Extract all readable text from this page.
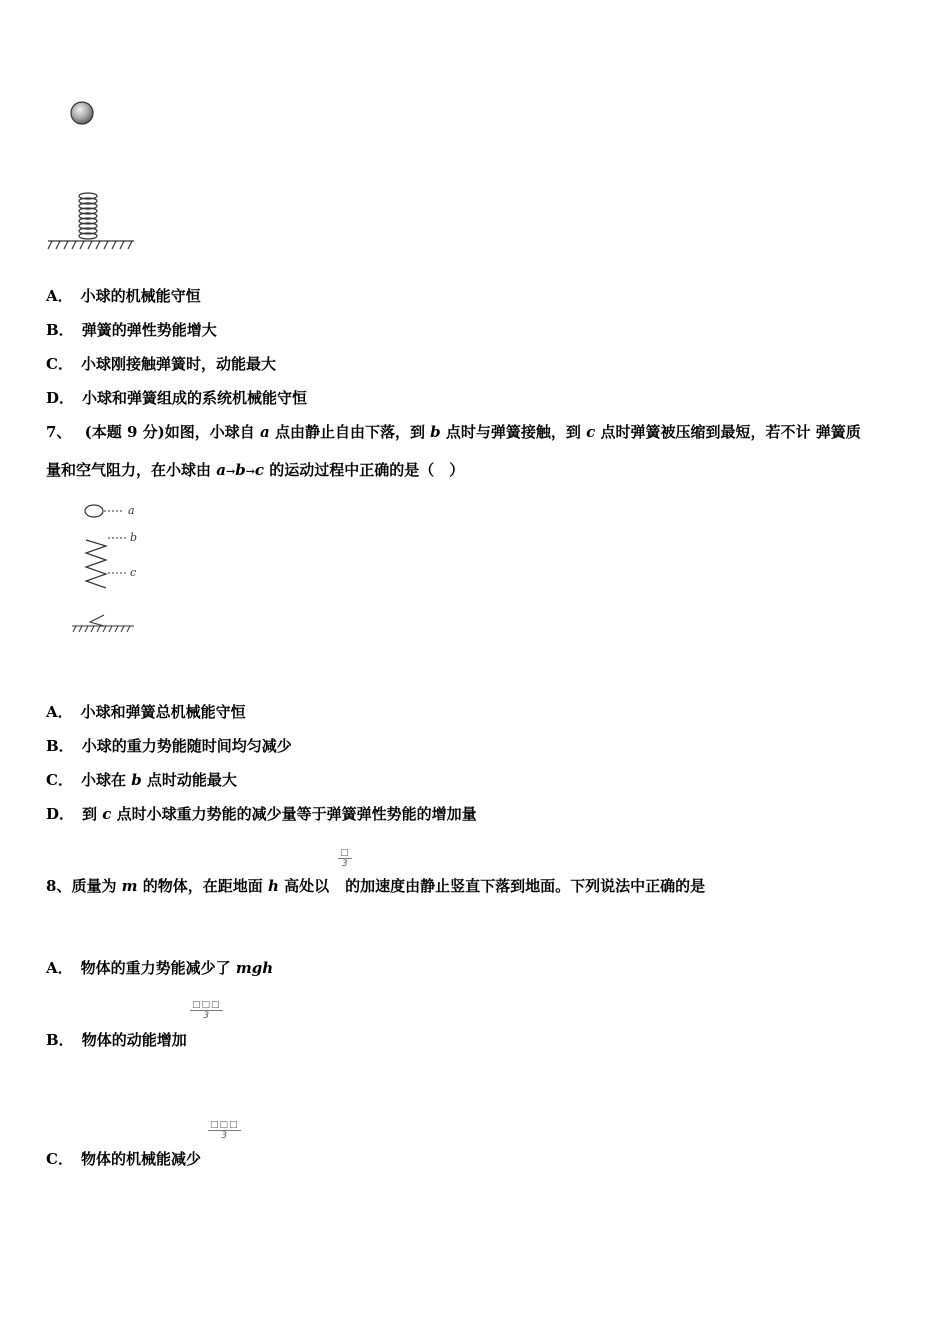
A． 小球的机械能守恒
B． 弹簧的弹性势能增大
C． 小球刚接触弹簧时，动能最大
D． 小球和弹簧组成的系统机械能守恒
7、 (本题 9 分)如图，小球自 a 点由静止自由下落，到 b 点时与弹簧接触，到 c 点时弹簧被压缩到最短，若不计 弹簧质
量和空气阻力，在小球由 a→b→c 的运动过程中正确的是（　）
a
b
c
A． 小球和弹簧总机械能守恒
B． 小球的重力势能随时间均匀减少
C． 小球在 b 点时动能最大
D． 到 c 点时小球重力势能的减少量等于弹簧弹性势能的增加量
□
3
8、质量为 m 的物体，在距地面 h 高处以 的加速度由静止竖直下落到地面。下列说法中正确的是
A． 物体的重力势能减少了 mgh
□□□
3
B． 物体的动能增加
□□□
3
C． 物体的机械能减少
